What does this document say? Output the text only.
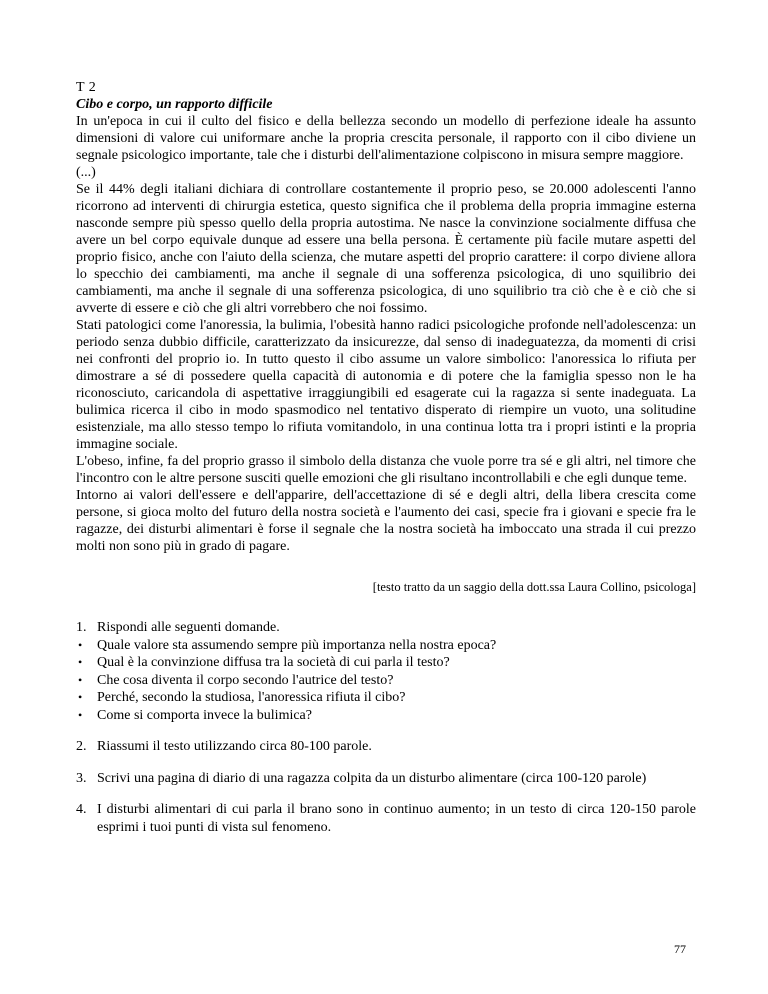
T 2

Cibo e corpo, un rapporto difficile

In un'epoca in cui il culto del fisico e della bellezza secondo un modello di perfezione ideale ha assunto dimensioni di valore cui uniformare anche la propria crescita personale, il rapporto con il cibo diviene un segnale psicologico importante, tale che i disturbi dell'alimentazione colpiscono in misura sempre maggiore.

(...)

Se il 44% degli italiani dichiara di controllare costantemente il proprio peso, se 20.000 adolescenti l'anno ricorrono ad interventi di chirurgia estetica, questo significa che il problema della propria immagine esterna nasconde sempre più spesso quello della propria autostima. Ne nasce la convinzione socialmente diffusa che avere un bel corpo equivale dunque ad essere una bella persona. È certamente più facile mutare aspetti del proprio fisico, anche con l'aiuto della scienza, che mutare aspetti del proprio carattere: il corpo diviene allora lo specchio dei cambiamenti, ma anche il segnale di una sofferenza psicologica, di uno squilibrio dei cambiamenti, ma anche il segnale di una sofferenza psicologica, di uno squilibrio tra ciò che è e ciò che si avverte di essere e ciò che gli altri vorrebbero che noi fossimo.

Stati patologici come l'anoressia, la bulimia, l'obesità hanno radici psicologiche profonde nell'adolescenza: un periodo senza dubbio difficile, caratterizzato da insicurezze, dal senso di inadeguatezza, da momenti di crisi nei confronti del proprio io. In tutto questo il cibo assume un valore simbolico: l'anoressica lo rifiuta per dimostrare a sé di possedere quella capacità di autonomia e di potere che la famiglia spesso non le ha riconosciuto, caricandola di aspettative irraggiungibili ed esagerate cui la ragazza si sente inadeguata. La bulimica ricerca il cibo in modo spasmodico nel tentativo disperato di riempire un vuoto, una solitudine esistenziale, ma allo stesso tempo lo rifiuta vomitandolo, in una continua lotta tra i propri istinti e la propria immagine sociale.

L'obeso, infine, fa del proprio grasso il simbolo della distanza che vuole porre tra sé e gli altri, nel timore che l'incontro con le altre persone susciti quelle emozioni che gli risultano incontrollabili e che egli dunque teme.

Intorno ai valori dell'essere e dell'apparire, dell'accettazione di sé e degli altri, della libera crescita come persone, si gioca molto del futuro della nostra società e l'aumento dei casi, specie fra i giovani e specie fra le ragazze, dei disturbi alimentari è forse il segnale che la nostra società ha imboccato una strada il cui prezzo molti non sono più in grado di pagare.

[testo tratto da un saggio della dott.ssa Laura Collino, psicologa]

1. Rispondi alle seguenti domande.
• Quale valore sta assumendo sempre più importanza nella nostra epoca?
• Qual è la convinzione diffusa tra la società di cui parla il testo?
• Che cosa diventa il corpo secondo l'autrice del testo?
• Perché, secondo la studiosa, l'anoressica rifiuta il cibo?
• Come si comporta invece la bulimica?
2. Riassumi il testo utilizzando circa 80-100 parole.
3. Scrivi una pagina di diario di una ragazza colpita da un disturbo alimentare (circa 100-120 parole)
4. I disturbi alimentari di cui parla il brano sono in continuo aumento; in un testo di circa 120-150 parole esprimi i tuoi punti di vista sul fenomeno.
77
